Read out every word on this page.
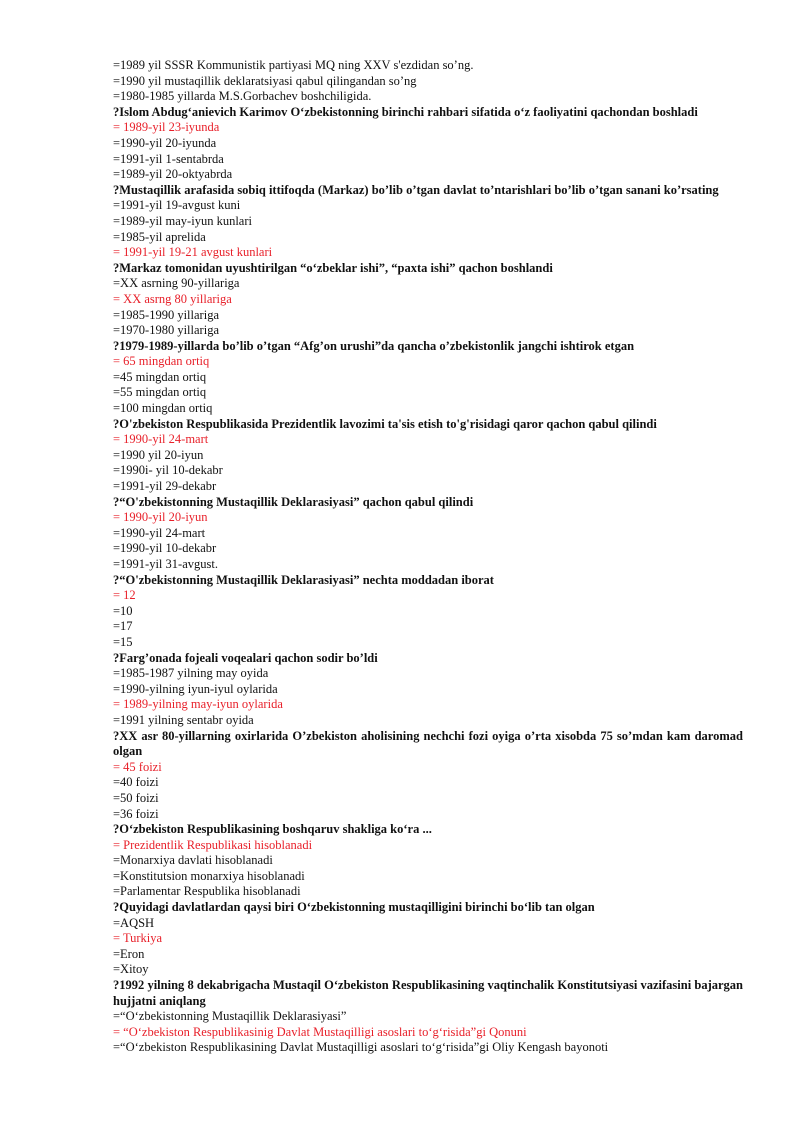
=1989 yil SSSR Kommunistik partiyasi MQ ning XXV s'ezdidan so’ng.
=1990 yil mustaqillik deklaratsiyasi qabul qilingandan so’ng
=1980-1985 yillarda M.S.Gorbachev boshchiligida.
?Islom Abdug‘anievich Karimov O‘zbekistonning birinchi rahbari sifatida o‘z faoliyatini qachondan boshladi
= 1989-yil 23-iyunda
=1990-yil 20-iyunda
=1991-yil 1-sentabrda
=1989-yil 20-oktyabrda
?Mustaqillik arafasida sobiq ittifoqda (Markaz) bo’lib o’tgan davlat to’ntarishlari bo’lib o’tgan sanani ko’rsating
=1991-yil 19-avgust kuni
=1989-yil may-iyun kunlari
=1985-yil aprelida
= 1991-yil 19-21 avgust kunlari
?Markaz tomonidan uyushtirilgan “o‘zbeklar ishi”, “paxta ishi” qachon boshlandi
=XX asrning 90-yillariga
= XX asrng 80 yillariga
=1985-1990 yillariga
=1970-1980 yillariga
?1979-1989-yillarda bo’lib o’tgan “Afg’on urushi”da qancha o’zbekistonlik jangchi ishtirok etgan
= 65 mingdan ortiq
=45 mingdan ortiq
=55 mingdan ortiq
=100 mingdan ortiq
?O'zbekiston Respublikasida Prezidentlik lavozimi ta'sis etish to'g'risidagi qaror qachon qabul qilindi
= 1990-yil 24-mart
=1990 yil 20-iyun
=1990i- yil 10-dekabr
=1991-yil 29-dekabr
?“O'zbekistonning Mustaqillik Deklarasiyasi” qachon qabul qilindi
= 1990-yil 20-iyun
=1990-yil 24-mart
=1990-yil 10-dekabr
=1991-yil 31-avgust.
?“O'zbekistonning Mustaqillik Deklarasiyasi” nechta moddadan iborat
= 12
=10
=17
=15
?Farg’onada fojeali voqealari qachon sodir bo’ldi
=1985-1987 yilning may oyida
=1990-yilning iyun-iyul oylarida
= 1989-yilning may-iyun oylarida
=1991 yilning sentabr oyida
?XX asr 80-yillarning oxirlarida O’zbekiston aholisining nechchi fozi oyiga o’rta xisobda 75 so’mdan kam daromad olgan
= 45 foizi
=40 foizi
=50 foizi
=36 foizi
?O‘zbekiston Respublikasining boshqaruv shakliga ko‘ra ...
= Prezidentlik Respublikasi hisoblanadi
=Monarxiya davlati hisoblanadi
=Konstitutsion monarxiya hisoblanadi
=Parlamentar Respublika hisoblanadi
?Quyidagi davlatlardan qaysi biri O‘zbekistonning mustaqilligini birinchi bo‘lib tan olgan
=AQSH
= Turkiya
=Eron
=Xitoy
?1992 yilning 8 dekabrigacha Mustaqil O‘zbekiston Respublikasining vaqtinchalik Konstitutsiyasi vazifasini bajargan hujjatni aniqlang
=“O‘zbekistonning Mustaqillik Deklarasiyasi”
= “O‘zbekiston Respublikasinig Davlat Mustaqilligi asoslari to‘g‘risida”gi Qonuni
=“O‘zbekiston Respublikasining Davlat Mustaqilligi asoslari to‘g‘risida”gi Oliy Kengash bayonoti
